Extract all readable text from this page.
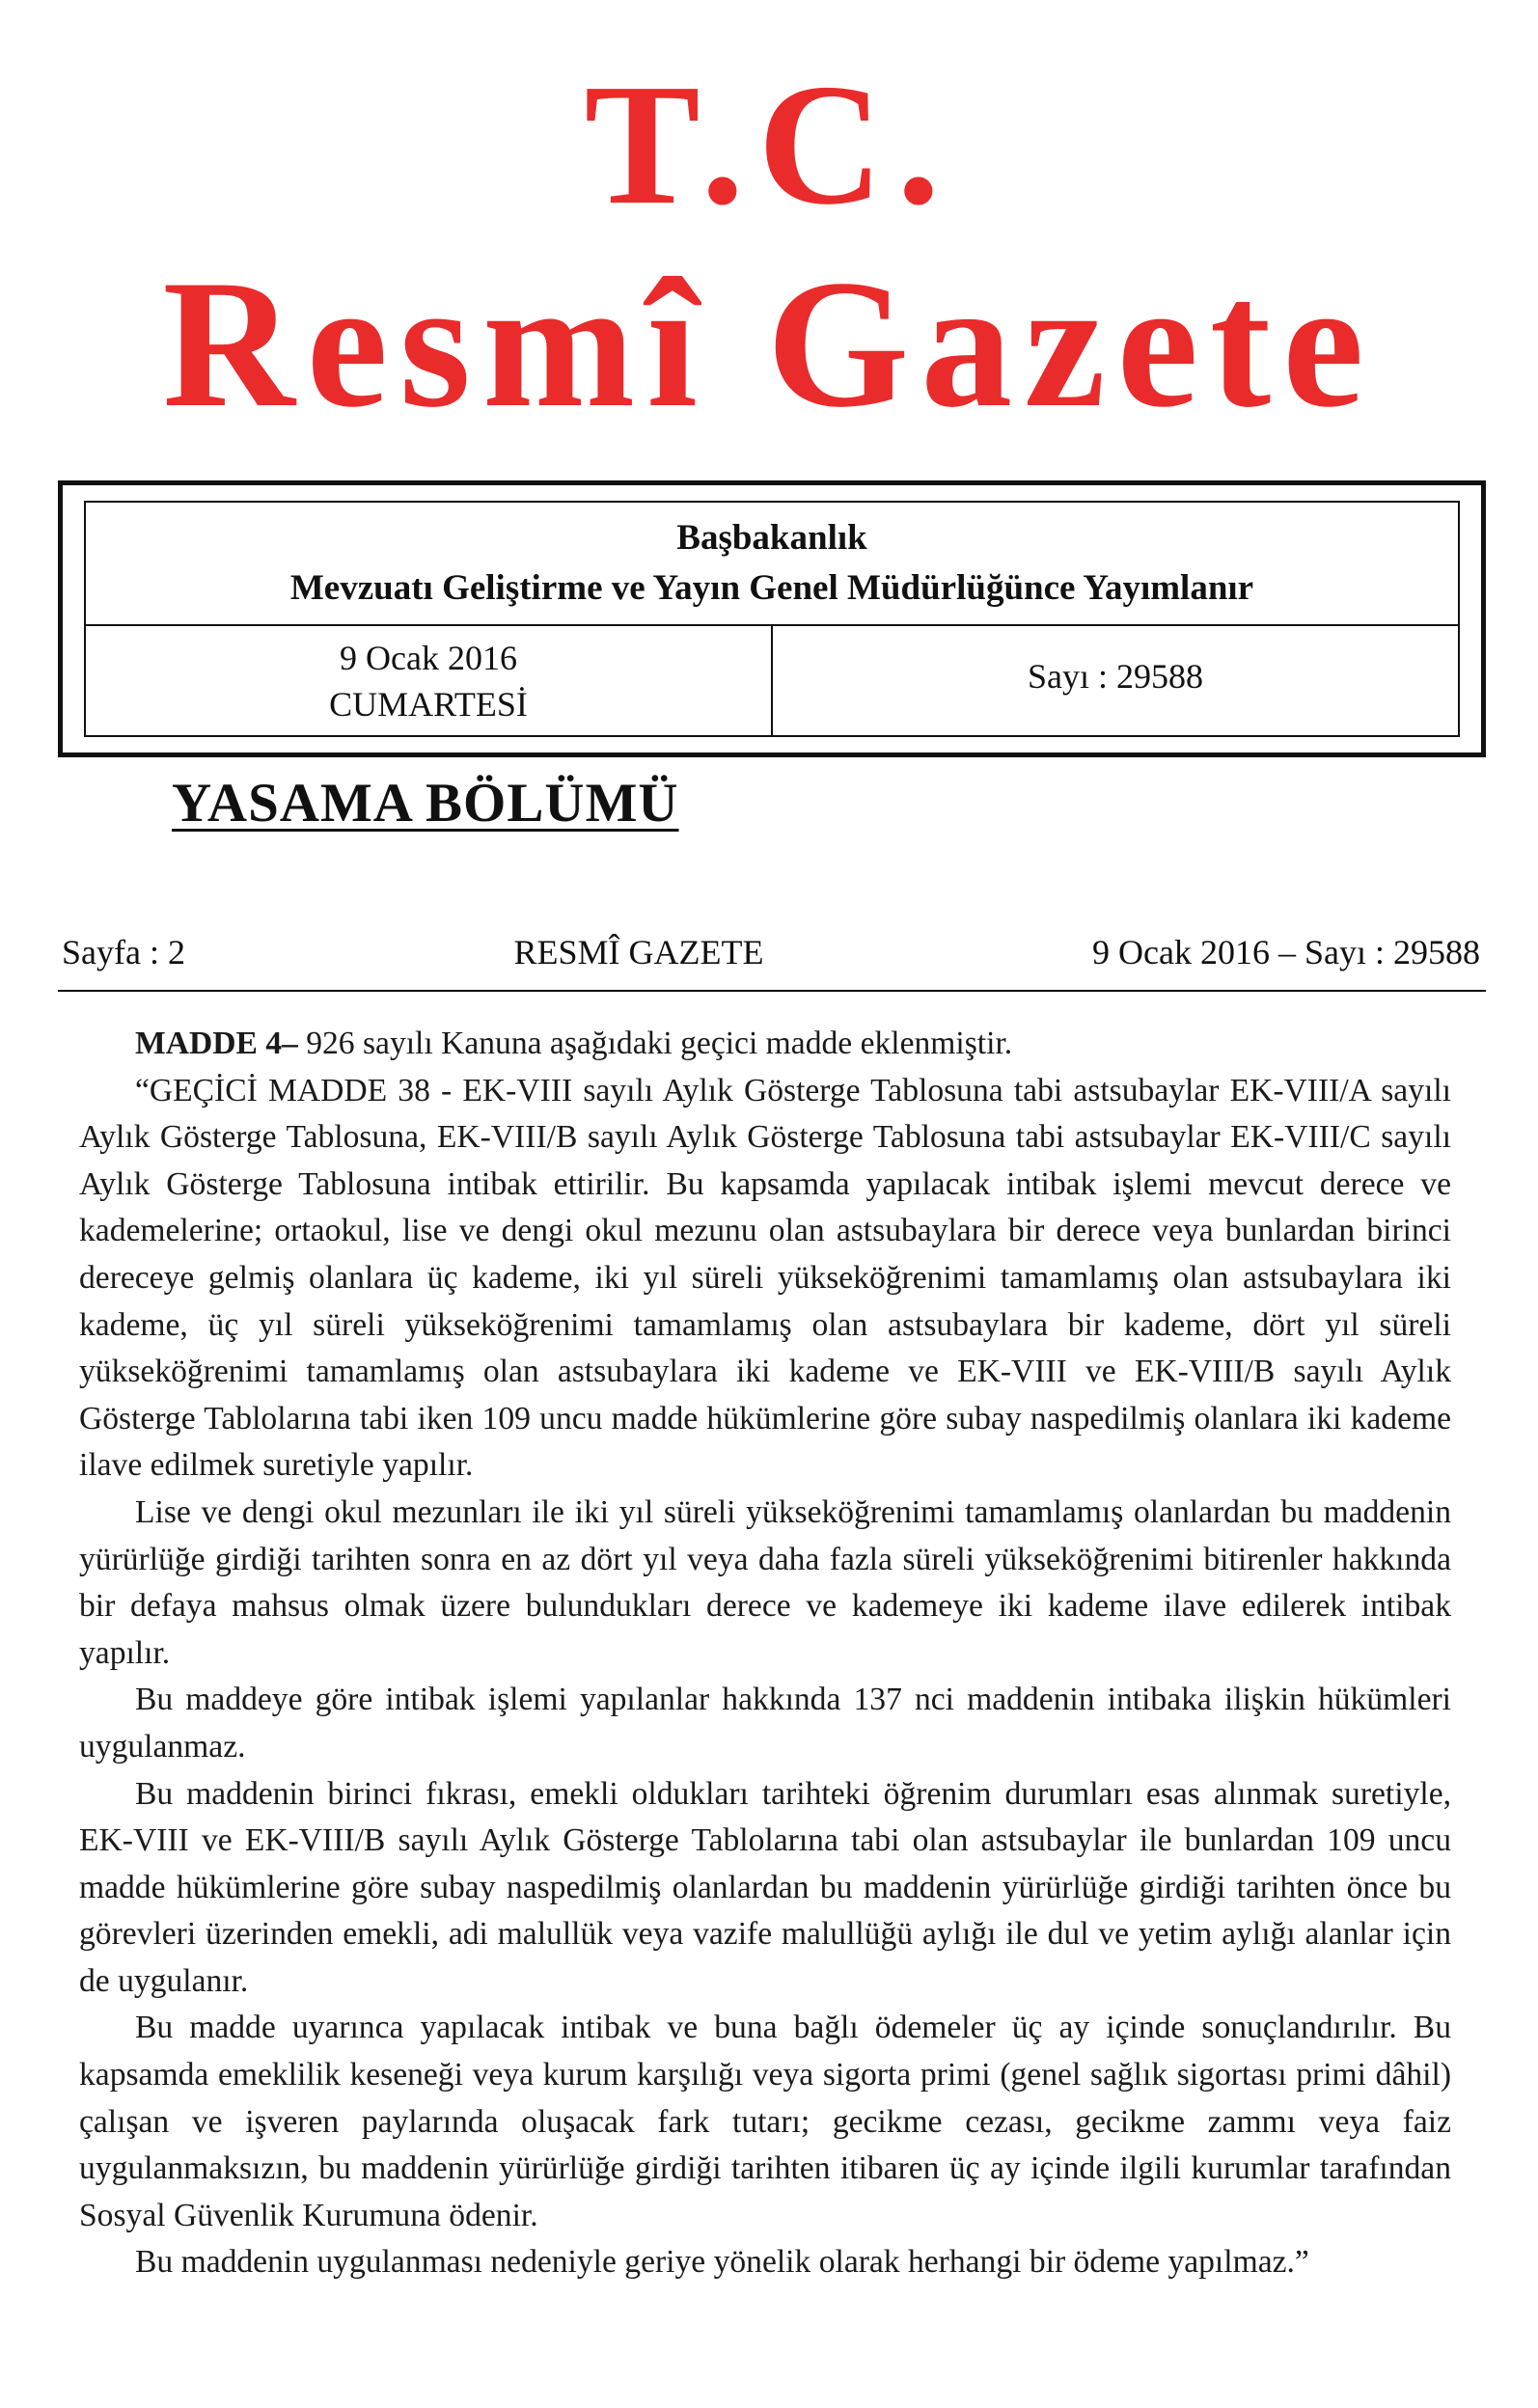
T.C.
Resmî Gazete
Başbakanlık
Mevzuatı Geliştirme ve Yayın Genel Müdürlüğünce Yayımlanır
9 Ocak 2016
CUMARTESİ
Sayı : 29588
YASAMA BÖLÜMÜ
Sayfa : 2	RESMÎ GAZETE	9 Ocak 2016 – Sayı : 29588

MADDE 4– 926 sayılı Kanuna aşağıdaki geçici madde eklenmiştir.

“GEÇİCİ MADDE 38 - EK-VIII sayılı Aylık Gösterge Tablosuna tabi astsubaylar EK-VIII/A sayılı Aylık Gösterge Tablosuna, EK-VIII/B sayılı Aylık Gösterge Tablosuna tabi astsubaylar EK-VIII/C sayılı Aylık Gösterge Tablosuna intibak ettirilir. Bu kapsamda yapılacak intibak işlemi mevcut derece ve kademelerine; ortaokul, lise ve dengi okul mezunu olan astsubaylara bir derece veya bunlardan birinci dereceye gelmiş olanlara üç kademe, iki yıl süreli yükseköğrenimi tamamlamış olan astsubaylara iki kademe, üç yıl süreli yükseköğrenimi tamamlamış olan astsubaylara bir kademe, dört yıl süreli yükseköğrenimi tamamlamış olan astsubaylara iki kademe ve EK-VIII ve EK-VIII/B sayılı Aylık Gösterge Tablolarına tabi iken 109 uncu madde hükümlerine göre subay naspedilmiş olanlara iki kademe ilave edilmek suretiyle yapılır.

Lise ve dengi okul mezunları ile iki yıl süreli yükseköğrenimi tamamlamış olanlardan bu maddenin yürürlüğe girdiği tarihten sonra en az dört yıl veya daha fazla süreli yükseköğrenimi bitirenler hakkında bir defaya mahsus olmak üzere bulundukları derece ve kademeye iki kademe ilave edilerek intibak yapılır.

Bu maddeye göre intibak işlemi yapılanlar hakkında 137 nci maddenin intibaka ilişkin hükümleri uygulanmaz.

Bu maddenin birinci fıkrası, emekli oldukları tarihteki öğrenim durumları esas alınmak suretiyle, EK-VIII ve EK-VIII/B sayılı Aylık Gösterge Tablolarına tabi olan astsubaylar ile bunlardan 109 uncu madde hükümlerine göre subay naspedilmiş olanlardan bu maddenin yürürlüğe girdiği tarihten önce bu görevleri üzerinden emekli, adi malullük veya vazife malullüğü aylığı ile dul ve yetim aylığı alanlar için de uygulanır.

Bu madde uyarınca yapılacak intibak ve buna bağlı ödemeler üç ay içinde sonuçlandırılır. Bu kapsamda emeklilik keseneği veya kurum karşılığı veya sigorta primi (genel sağlık sigortası primi dâhil) çalışan ve işveren paylarında oluşacak fark tutarı; gecikme cezası, gecikme zammı veya faiz uygulanmaksızın, bu maddenin yürürlüğe girdiği tarihten itibaren üç ay içinde ilgili kurumlar tarafından Sosyal Güvenlik Kurumuna ödenir.

Bu maddenin uygulanması nedeniyle geriye yönelik olarak herhangi bir ödeme yapılmaz.”
